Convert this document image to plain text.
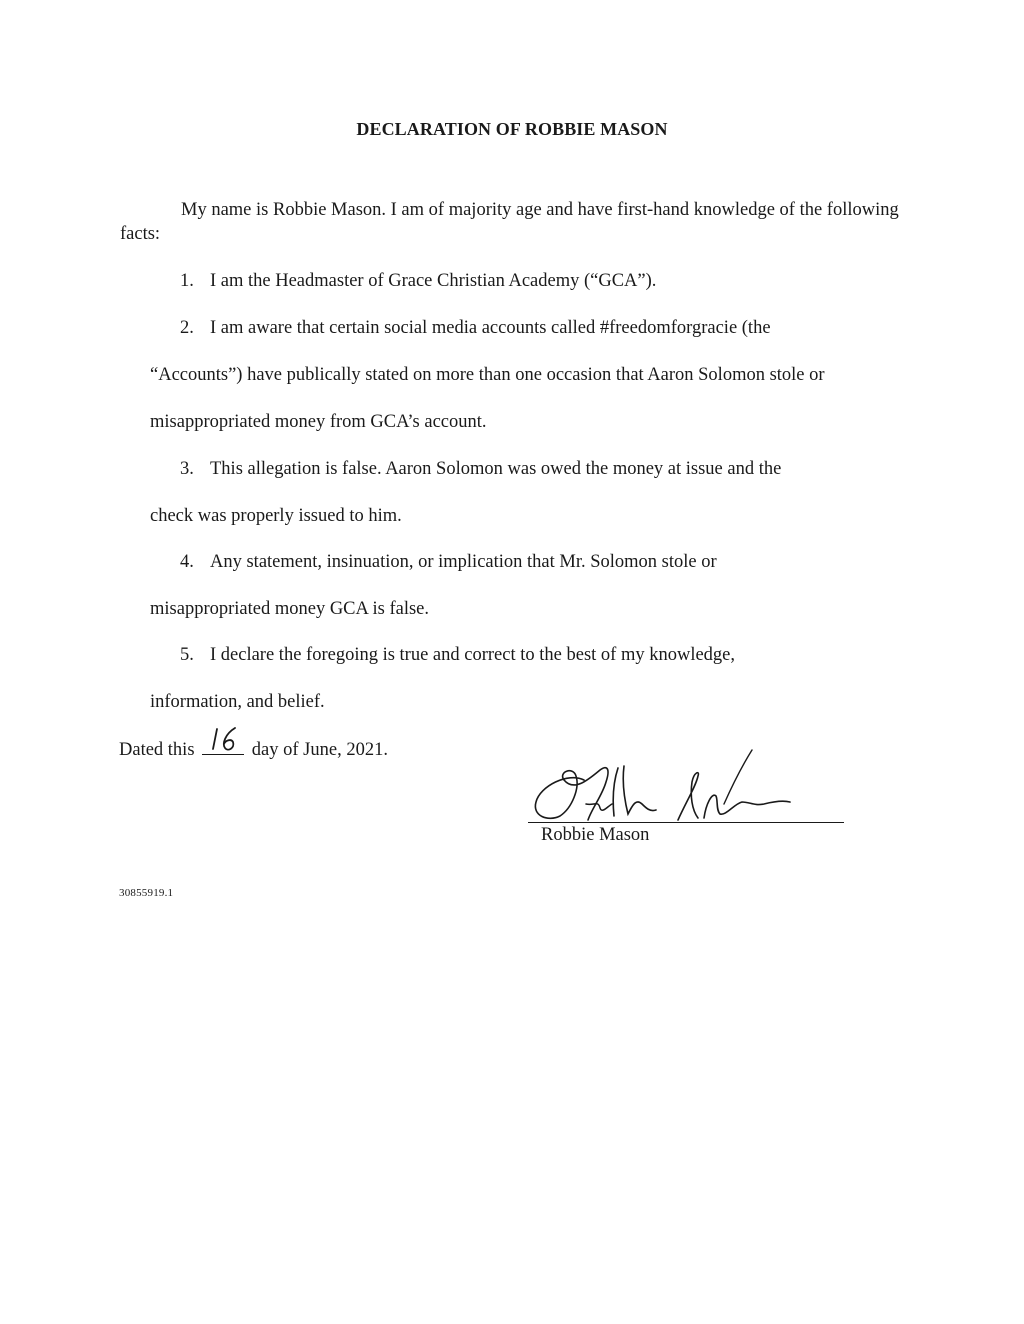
DECLARATION OF ROBBIE MASON
My name is Robbie Mason. I am of majority age and have first-hand knowledge of the following facts:
1. I am the Headmaster of Grace Christian Academy (“GCA”).
2. I am aware that certain social media accounts called #freedomforgracie (the
“Accounts”) have publically stated on more than one occasion that Aaron Solomon stole or
misappropriated money from GCA’s account.
3. This allegation is false. Aaron Solomon was owed the money at issue and the
check was properly issued to him.
4. Any statement, insinuation, or implication that Mr. Solomon stole or
misappropriated money GCA is false.
5. I declare the foregoing is true and correct to the best of my knowledge,
information, and belief.
Dated this	day of June, 2021.
Robbie Mason
30855919.1
